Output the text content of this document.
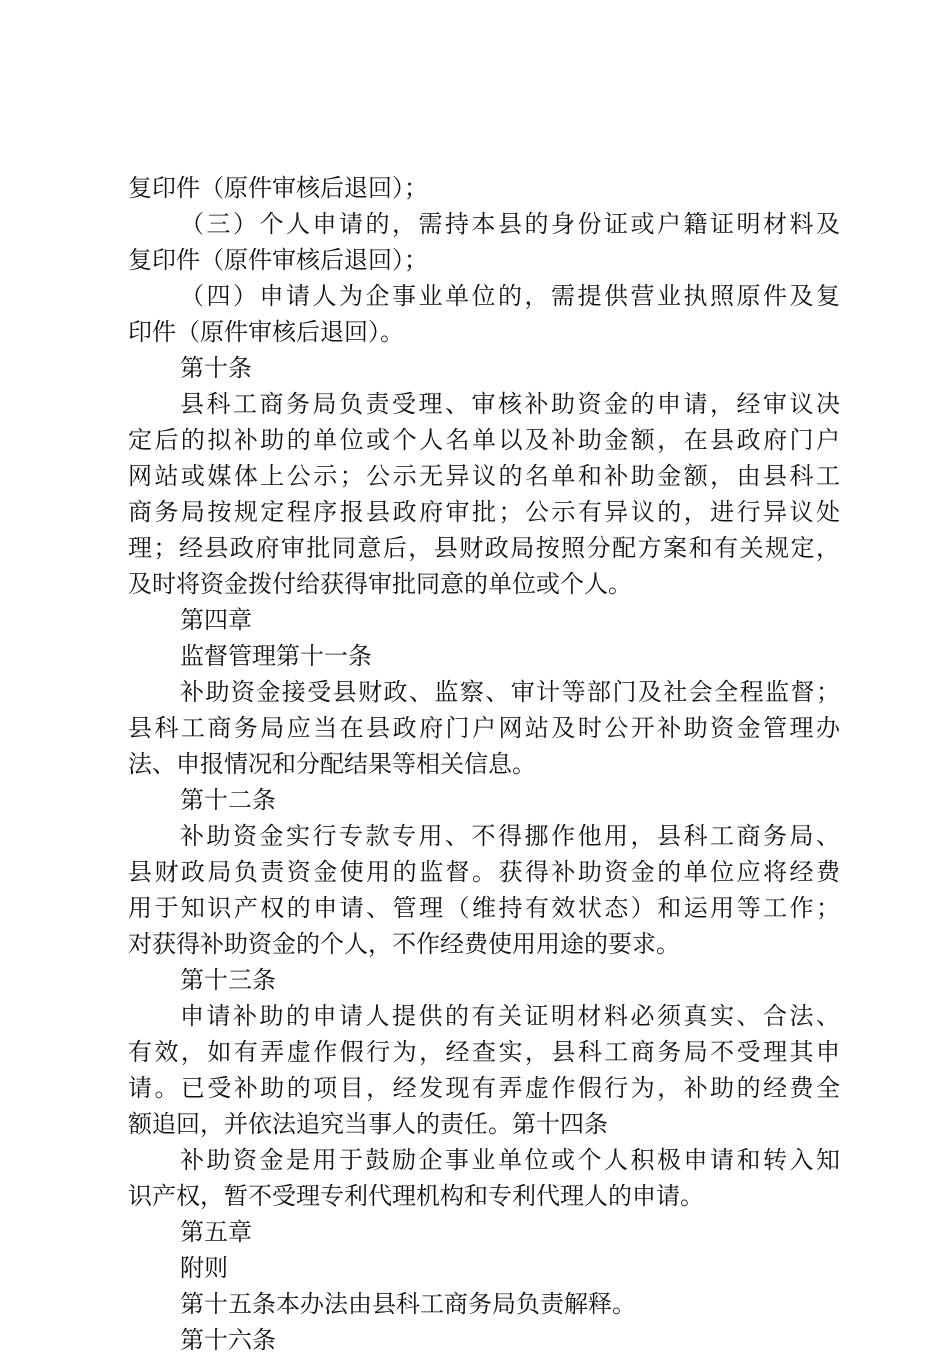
复印件（原件审核后退回）；
（三）个人申请的，需持本县的身份证或户籍证明材料及
复印件（原件审核后退回）；
（四）申请人为企事业单位的，需提供营业执照原件及复
印件（原件审核后退回）。
第十条
县科工商务局负责受理、审核补助资金的申请，经审议决
定后的拟补助的单位或个人名单以及补助金额，在县政府门户
网站或媒体上公示；公示无异议的名单和补助金额，由县科工
商务局按规定程序报县政府审批；公示有异议的，进行异议处
理；经县政府审批同意后，县财政局按照分配方案和有关规定，
及时将资金拨付给获得审批同意的单位或个人。
第四章
监督管理第十一条
补助资金接受县财政、监察、审计等部门及社会全程监督；
县科工商务局应当在县政府门户网站及时公开补助资金管理办
法、申报情况和分配结果等相关信息。
第十二条
补助资金实行专款专用、不得挪作他用，县科工商务局、
县财政局负责资金使用的监督。获得补助资金的单位应将经费
用于知识产权的申请、管理（维持有效状态）和运用等工作；
对获得补助资金的个人，不作经费使用用途的要求。
第十三条
申请补助的申请人提供的有关证明材料必须真实、合法、
有效，如有弄虚作假行为，经查实，县科工商务局不受理其申
请。已受补助的项目，经发现有弄虚作假行为，补助的经费全
额追回，并依法追究当事人的责任。第十四条
补助资金是用于鼓励企事业单位或个人积极申请和转入知
识产权，暂不受理专利代理机构和专利代理人的申请。
第五章
附则
第十五条本办法由县科工商务局负责解释。
第十六条
